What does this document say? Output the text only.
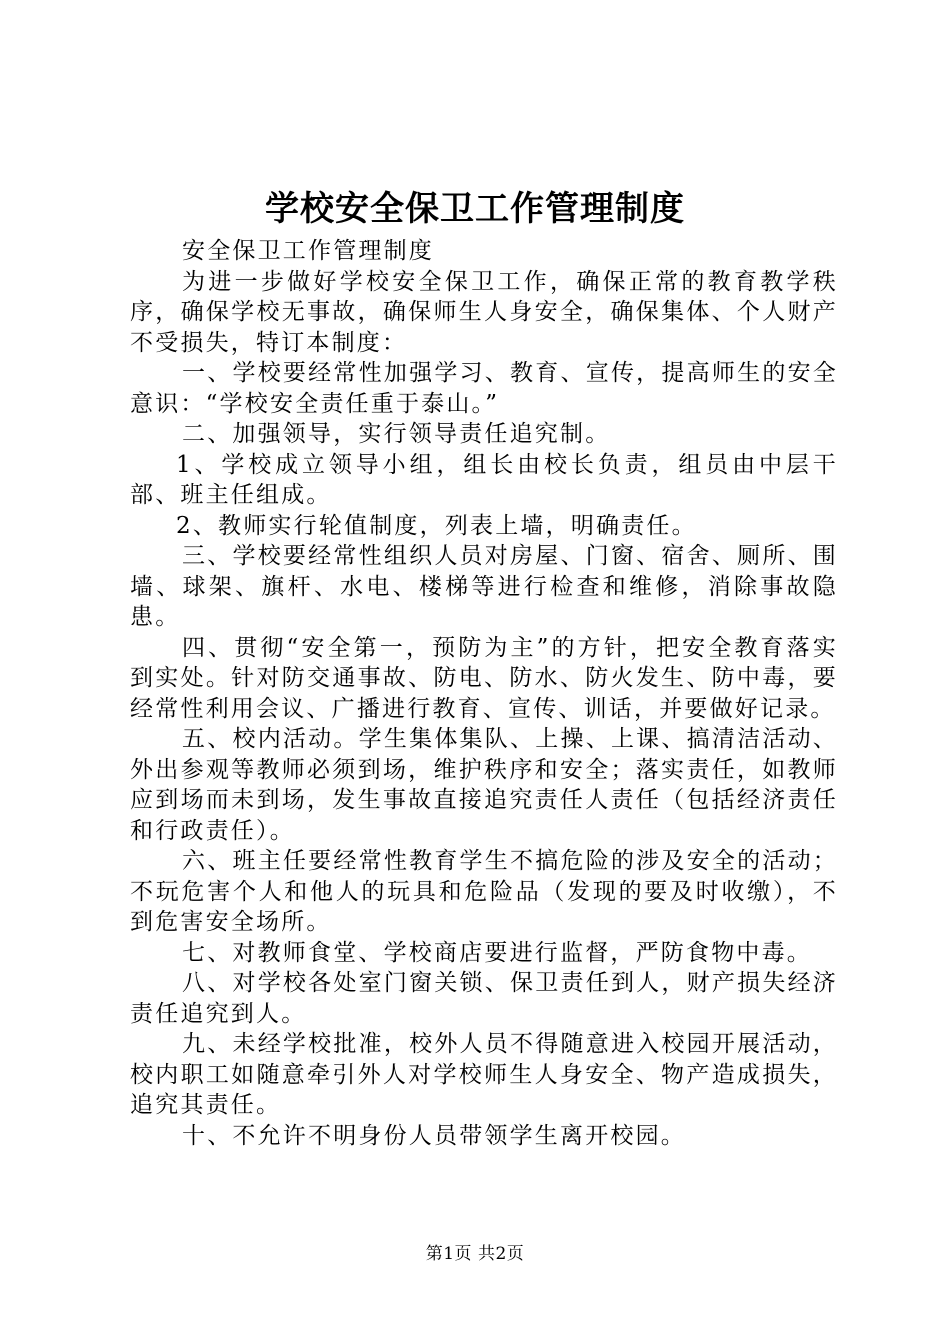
学校安全保卫工作管理制度

安全保卫工作管理制度

为进一步做好学校安全保卫工作，确保正常的教育教学秩序，确保学校无事故，确保师生人身安全，确保集体、个人财产不受损失，特订本制度：

一、学校要经常性加强学习、教育、宣传，提高师生的安全意识：“学校安全责任重于泰山。”

二、加强领导，实行领导责任追究制。

1、学校成立领导小组，组长由校长负责，组员由中层干部、班主任组成。

2、教师实行轮值制度，列表上墙，明确责任。

三、学校要经常性组织人员对房屋、门窗、宿舍、厕所、围墙、球架、旗杆、水电、楼梯等进行检查和维修，消除事故隐患。

四、贯彻“安全第一，预防为主”的方针，把安全教育落实到实处。针对防交通事故、防电、防水、防火发生、防中毒，要经常性利用会议、广播进行教育、宣传、训话，并要做好记录。

五、校内活动。学生集体集队、上操、上课、搞清洁活动、外出参观等教师必须到场，维护秩序和安全；落实责任，如教师应到场而未到场，发生事故直接追究责任人责任（包括经济责任和行政责任）。

六、班主任要经常性教育学生不搞危险的涉及安全的活动；不玩危害个人和他人的玩具和危险品（发现的要及时收缴），不到危害安全场所。

七、对教师食堂、学校商店要进行监督，严防食物中毒。

八、对学校各处室门窗关锁、保卫责任到人，财产损失经济责任追究到人。

九、未经学校批准，校外人员不得随意进入校园开展活动，校内职工如随意牵引外人对学校师生人身安全、物产造成损失，追究其责任。

十、不允许不明身份人员带领学生离开校园。

第1页 共2页
